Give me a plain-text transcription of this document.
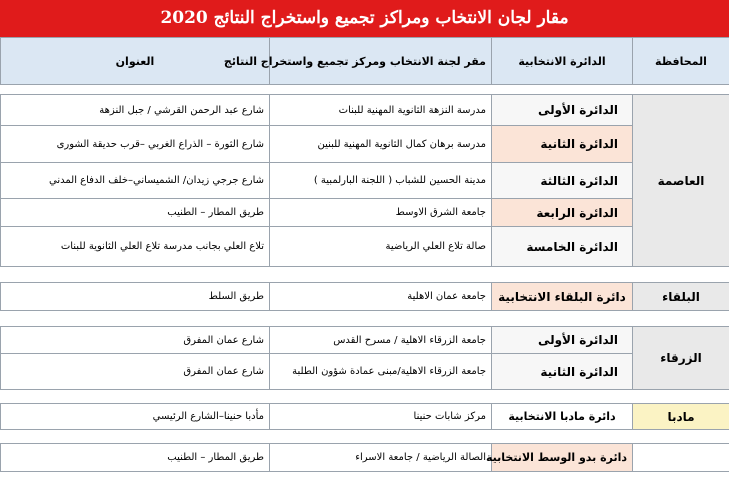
مقار لجان الانتخاب ومراكز تجميع واستخراج النتائج 2020
المحافظة	الدائرة الانتخابية	مقر لجنة الانتخاب ومركز تجميع واستخراج النتائج	العنوان

العاصمة	الدائرة الأولى	مدرسة النزهة الثانوية المهنية للبنات	شارع عبد الرحمن القرشي / جبل النزهة
	الدائرة الثانية	مدرسة برهان كمال الثانوية المهنية للبنين	شارع الثورة – الذراع الغربي –قرب حديقة الشورى
	الدائرة الثالثة	مدينة الحسين للشباب ( اللجنة البارلمبية )	شارع جرجي زيدان/ الشميساني–خلف الدفاع المدني
	الدائرة الرابعة	جامعة الشرق الاوسط	طريق المطار – الطنيب
	الدائرة الخامسة	صالة تلاع العلي الرياضية	تلاع العلي بجانب مدرسة تلاع العلي الثانوية للبنات

البلقاء	دائرة البلقاء الانتخابية	جامعة عمان الاهلية	طريق السلط

الزرقاء	الدائرة الأولى	جامعة الزرقاء الاهلية / مسرح القدس	شارع عمان المفرق
	الدائرة الثانية	جامعة الزرقاء الاهلية/مبنى عمادة شؤون الطلبة	شارع عمان المفرق

مادبا	دائرة مادبا الانتخابية	مركز شابات حنينا	مأدبا حنينا–الشارع الرئيسي

	دائرة بدو الوسط الانتخابية	الصالة الرياضية / جامعة الاسراء	طريق المطار – الطنيب
